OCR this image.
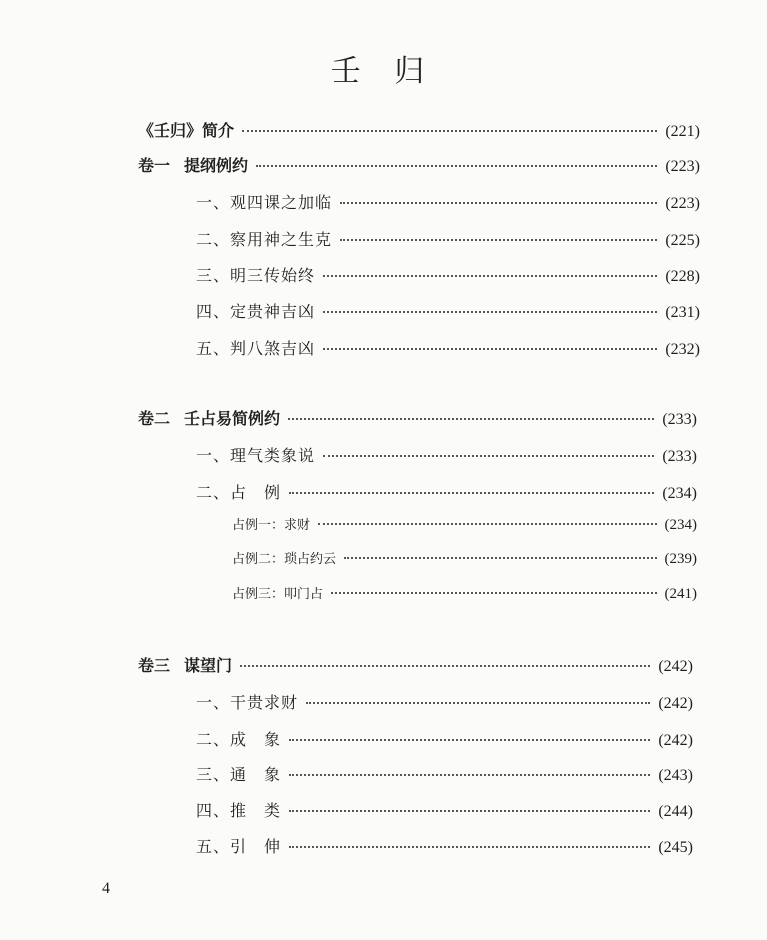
壬 归
《壬归》简介	(221)
卷一 提纲例约	(223)
一、观四课之加临	(223)
二、察用神之生克	(225)
三、明三传始终	(228)
四、定贵神吉凶	(231)
五、判八煞吉凶	(232)
卷二 壬占易简例约	(233)
一、理气类象说	(233)
二、占　例	(234)
占例一：求财	(234)
占例二：琐占约云	(239)
占例三：叩门占	(241)
卷三 谋望门	(242)
一、干贵求财	(242)
二、成　象	(242)
三、通　象	(243)
四、推　类	(244)
五、引　伸	(245)
4
